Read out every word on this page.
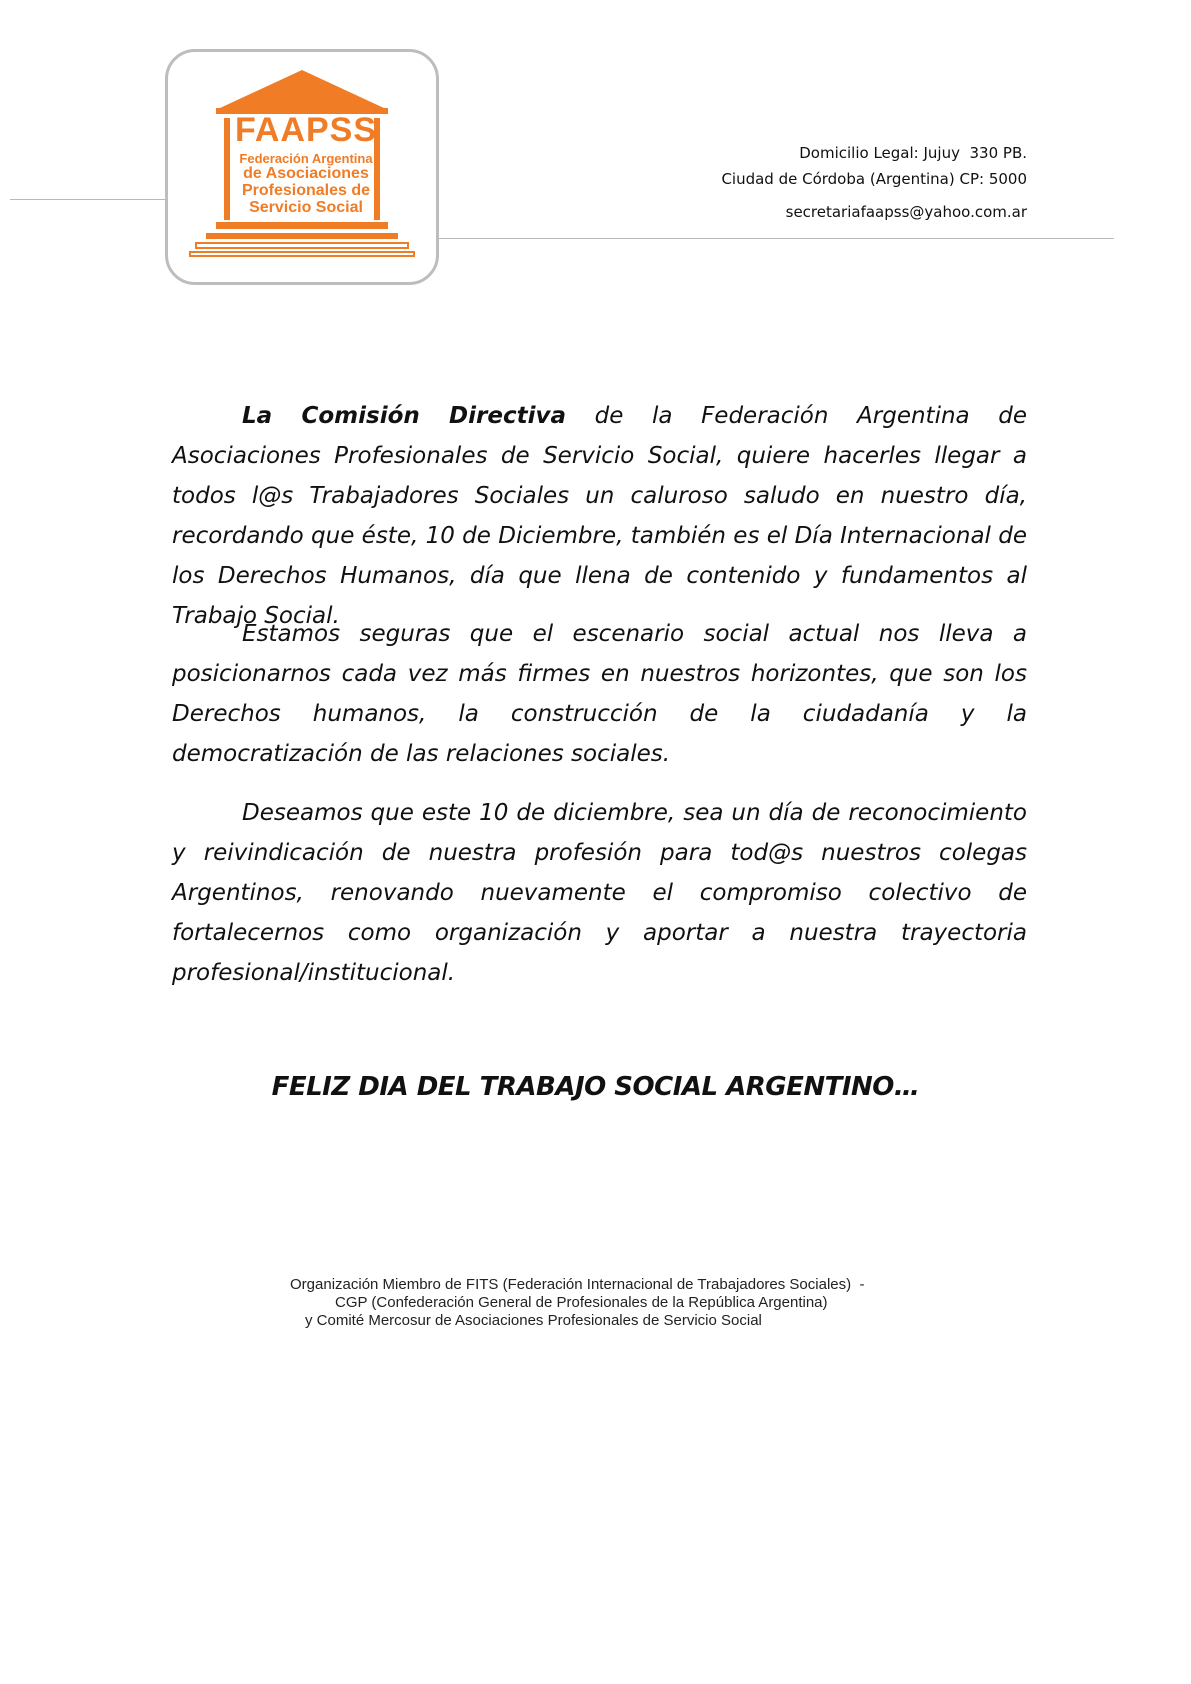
FAAPSS
Federación Argentina
de Asociaciones
Profesionales de
Servicio Social
Domicilio Legal: Jujuy  330 PB.
Ciudad de Córdoba (Argentina) CP: 5000
secretariafaapss@yahoo.com.ar

La Comisión Directiva de la Federación Argentina de Asociaciones Profesionales de Servicio Social, quiere hacerles llegar a todos l@s Trabajadores Sociales un caluroso saludo en nuestro día, recordando que éste, 10 de Diciembre, también es el Día Internacional de los Derechos Humanos, día que llena de contenido y fundamentos al Trabajo Social.

Estamos seguras que el escenario social actual nos lleva a posicionarnos cada vez más firmes en nuestros horizontes, que son los Derechos humanos, la construcción de la ciudadanía y la democratización de las relaciones sociales.

Deseamos que este 10 de diciembre, sea un día de reconocimiento y reivindicación de nuestra profesión para tod@s nuestros colegas Argentinos, renovando nuevamente el compromiso colectivo de fortalecernos como organización y aportar a nuestra trayectoria profesional/institucional.

FELIZ DIA DEL TRABAJO SOCIAL ARGENTINO…

Organización Miembro de FITS (Federación Internacional de Trabajadores Sociales)  -
CGP (Confederación General de Profesionales de la República Argentina)
y Comité Mercosur de Asociaciones Profesionales de Servicio Social
